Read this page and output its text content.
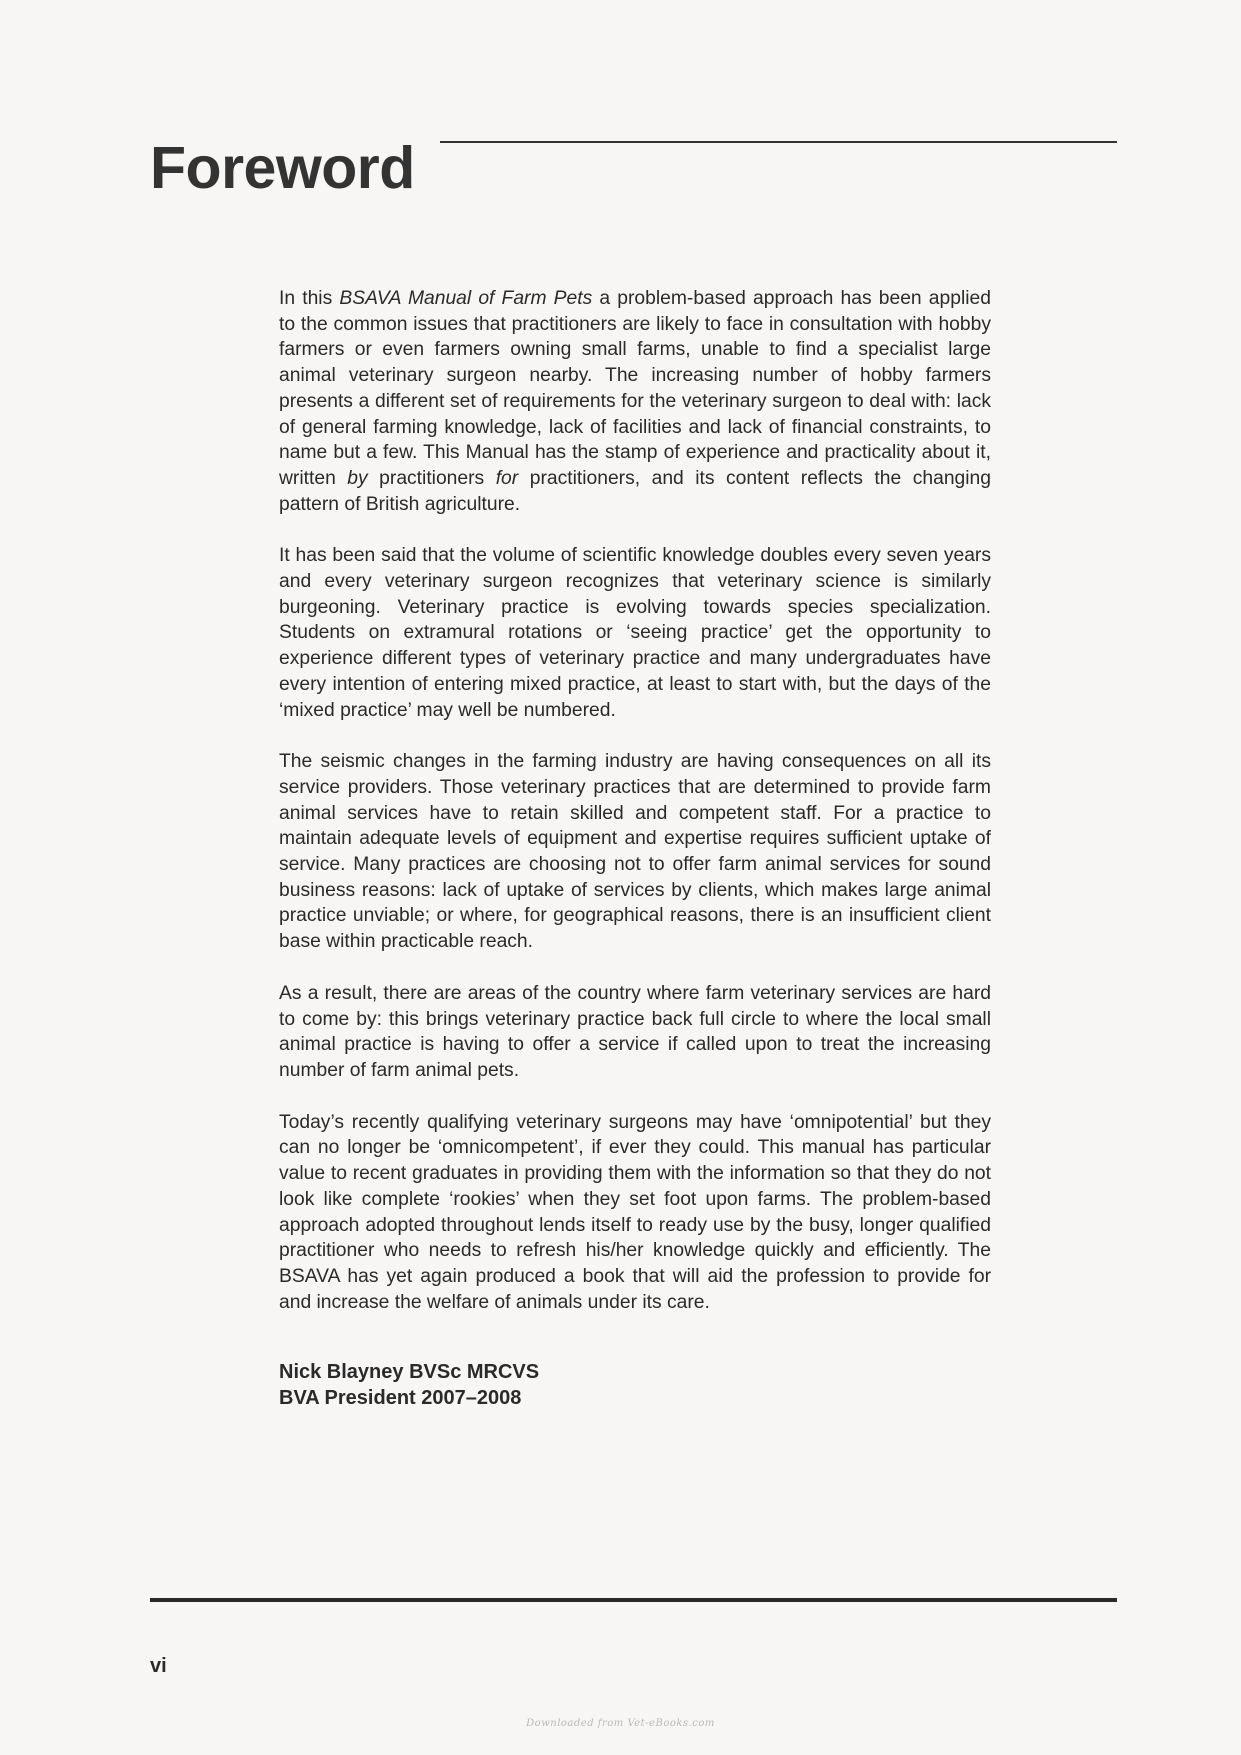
Foreword

In this BSAVA Manual of Farm Pets a problem-based approach has been applied to the common issues that practitioners are likely to face in consultation with hobby farmers or even farmers owning small farms, unable to find a specialist large animal veterinary surgeon nearby. The increasing number of hobby farmers presents a different set of requirements for the veterinary surgeon to deal with: lack of general farming knowledge, lack of facilities and lack of financial constraints, to name but a few. This Manual has the stamp of experience and practicality about it, written by practitioners for practitioners, and its content reflects the changing pattern of British agriculture.

It has been said that the volume of scientific knowledge doubles every seven years and every veterinary surgeon recognizes that veterinary science is similarly burgeoning. Veterinary practice is evolving towards species specialization. Students on extramural rotations or ‘seeing practice’ get the opportunity to experience different types of veterinary practice and many undergraduates have every intention of entering mixed practice, at least to start with, but the days of the ‘mixed practice’ may well be numbered.

The seismic changes in the farming industry are having consequences on all its service providers. Those veterinary practices that are determined to provide farm animal services have to retain skilled and competent staff. For a practice to maintain adequate levels of equipment and expertise requires sufficient uptake of service. Many practices are choosing not to offer farm animal services for sound business reasons: lack of uptake of services by clients, which makes large animal practice unviable; or where, for geographical reasons, there is an insufficient client base within practicable reach.

As a result, there are areas of the country where farm veterinary services are hard to come by: this brings veterinary practice back full circle to where the local small animal practice is having to offer a service if called upon to treat the increasing number of farm animal pets.

Today’s recently qualifying veterinary surgeons may have ‘omnipotential’ but they can no longer be ‘omnicompetent’, if ever they could. This manual has particular value to recent graduates in providing them with the information so that they do not look like complete ‘rookies’ when they set foot upon farms. The problem-based approach adopted throughout lends itself to ready use by the busy, longer qualified practitioner who needs to refresh his/her knowledge quickly and efficiently. The BSAVA has yet again produced a book that will aid the profession to provide for and increase the welfare of animals under its care.

Nick Blayney BVSc MRCVS
BVA President 2007–2008
vi
Downloaded from Vet-eBooks.com
